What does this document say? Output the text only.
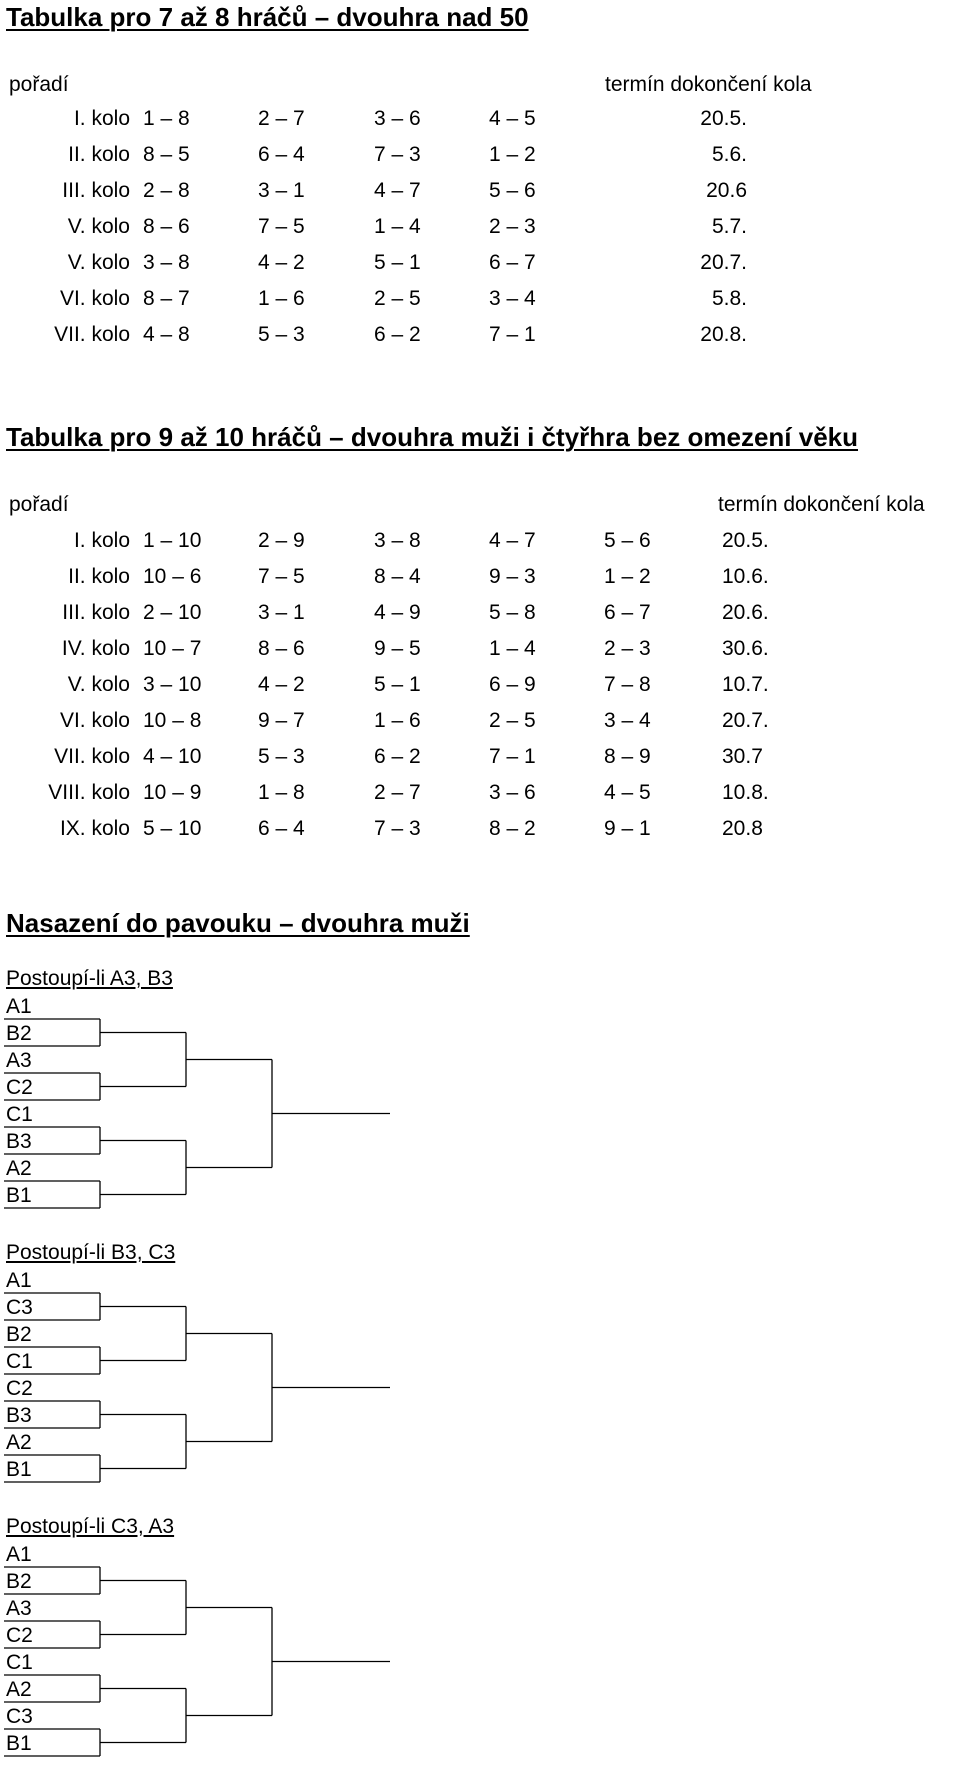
Tabulka pro 7 až 8 hráčů – dvouhra nad 50
pořadí	termín dokončení kola
I. kolo 1 – 8	2 – 7	3 – 6	4 – 5	20.5.
II. kolo 8 – 5	6 – 4	7 – 3	1 – 2	5.6.
III. kolo 2 – 8	3 – 1	4 – 7	5 – 6	20.6
V. kolo 8 – 6	7 – 5	1 – 4	2 – 3	5.7.
V. kolo 3 – 8	4 – 2	5 – 1	6 – 7	20.7.
VI. kolo 8 – 7	1 – 6	2 – 5	3 – 4	5.8.
VII. kolo 4 – 8	5 – 3	6 – 2	7 – 1	20.8.
Tabulka pro 9 až 10 hráčů – dvouhra muži i čtyřhra bez omezení věku
pořadí	termín dokončení kola
I. kolo 1 – 10	2 – 9	3 – 8	4 – 7	5 – 6	20.5.
II. kolo 10 – 6	7 – 5	8 – 4	9 – 3	1 – 2	10.6.
III. kolo 2 – 10	3 – 1	4 – 9	5 – 8	6 – 7	20.6.
IV. kolo 10 – 7	8 – 6	9 – 5	1 – 4	2 – 3	30.6.
V. kolo 3 – 10	4 – 2	5 – 1	6 – 9	7 – 8	10.7.
VI. kolo 10 – 8	9 – 7	1 – 6	2 – 5	3 – 4	20.7.
VII. kolo 4 – 10	5 – 3	6 – 2	7 – 1	8 – 9	30.7
VIII. kolo 10 – 9	1 – 8	2 – 7	3 – 6	4 – 5	10.8.
IX. kolo 5 – 10	6 – 4	7 – 3	8 – 2	9 – 1	20.8
Nasazení do pavouku – dvouhra muži
Postoupí-li A3, B3
A1
B2
A3
C2
C1
B3
A2
B1
Postoupí-li B3, C3
A1
C3
B2
C1
C2
B3
A2
B1
Postoupí-li C3, A3
A1
B2
A3
C2
C1
A2
C3
B1
